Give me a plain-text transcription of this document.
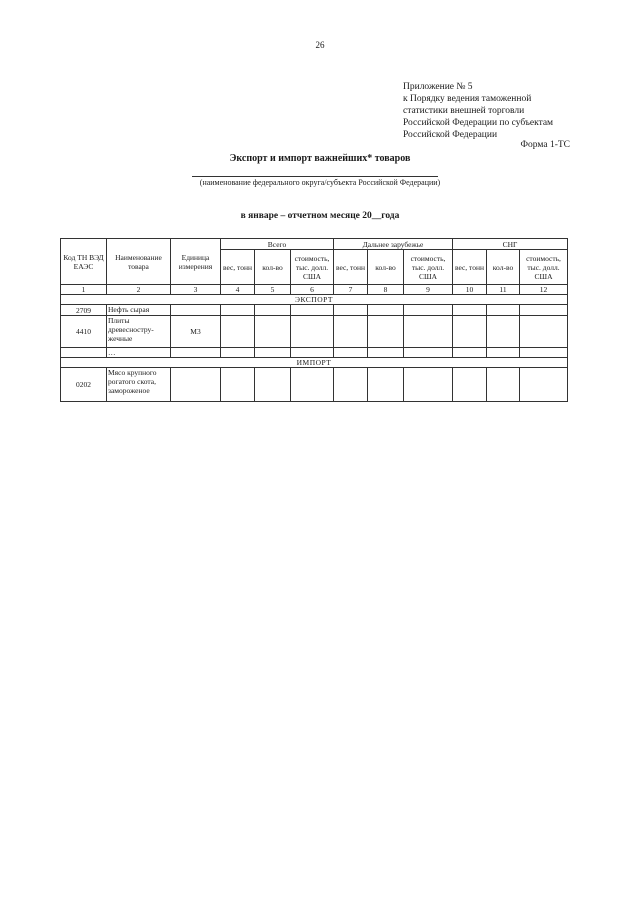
26
Приложение № 5
к Порядку ведения таможенной
статистики внешней торговли
Российской Федерации по субъектам
Российской Федерации
Форма 1-ТС
Экспорт и импорт важнейших* товаров
(наименование федерального округа/субъекта Российской Федерации)
в январе – отчетном месяце 20__года
Код ТН ВЭД ЕАЭС	Наименование товара	Единица измерения	Всего			Дальнее зарубежье			СНГ		
			вес, тонн	кол-во	стоимость, тыс. долл. США	вес, тонн	кол-во	стоимость, тыс. долл. США	вес, тонн	кол-во	стоимость, тыс. долл. США
1	2	3	4	5	6	7	8	9	10	11	12
ЭКСПОРТ											
2709	Нефть сырая										
4410	Плиты древесностру-жечные	М3									
	…										
ИМПОРТ											
0202	Мясо крупного рогатого скота, замороженое										
